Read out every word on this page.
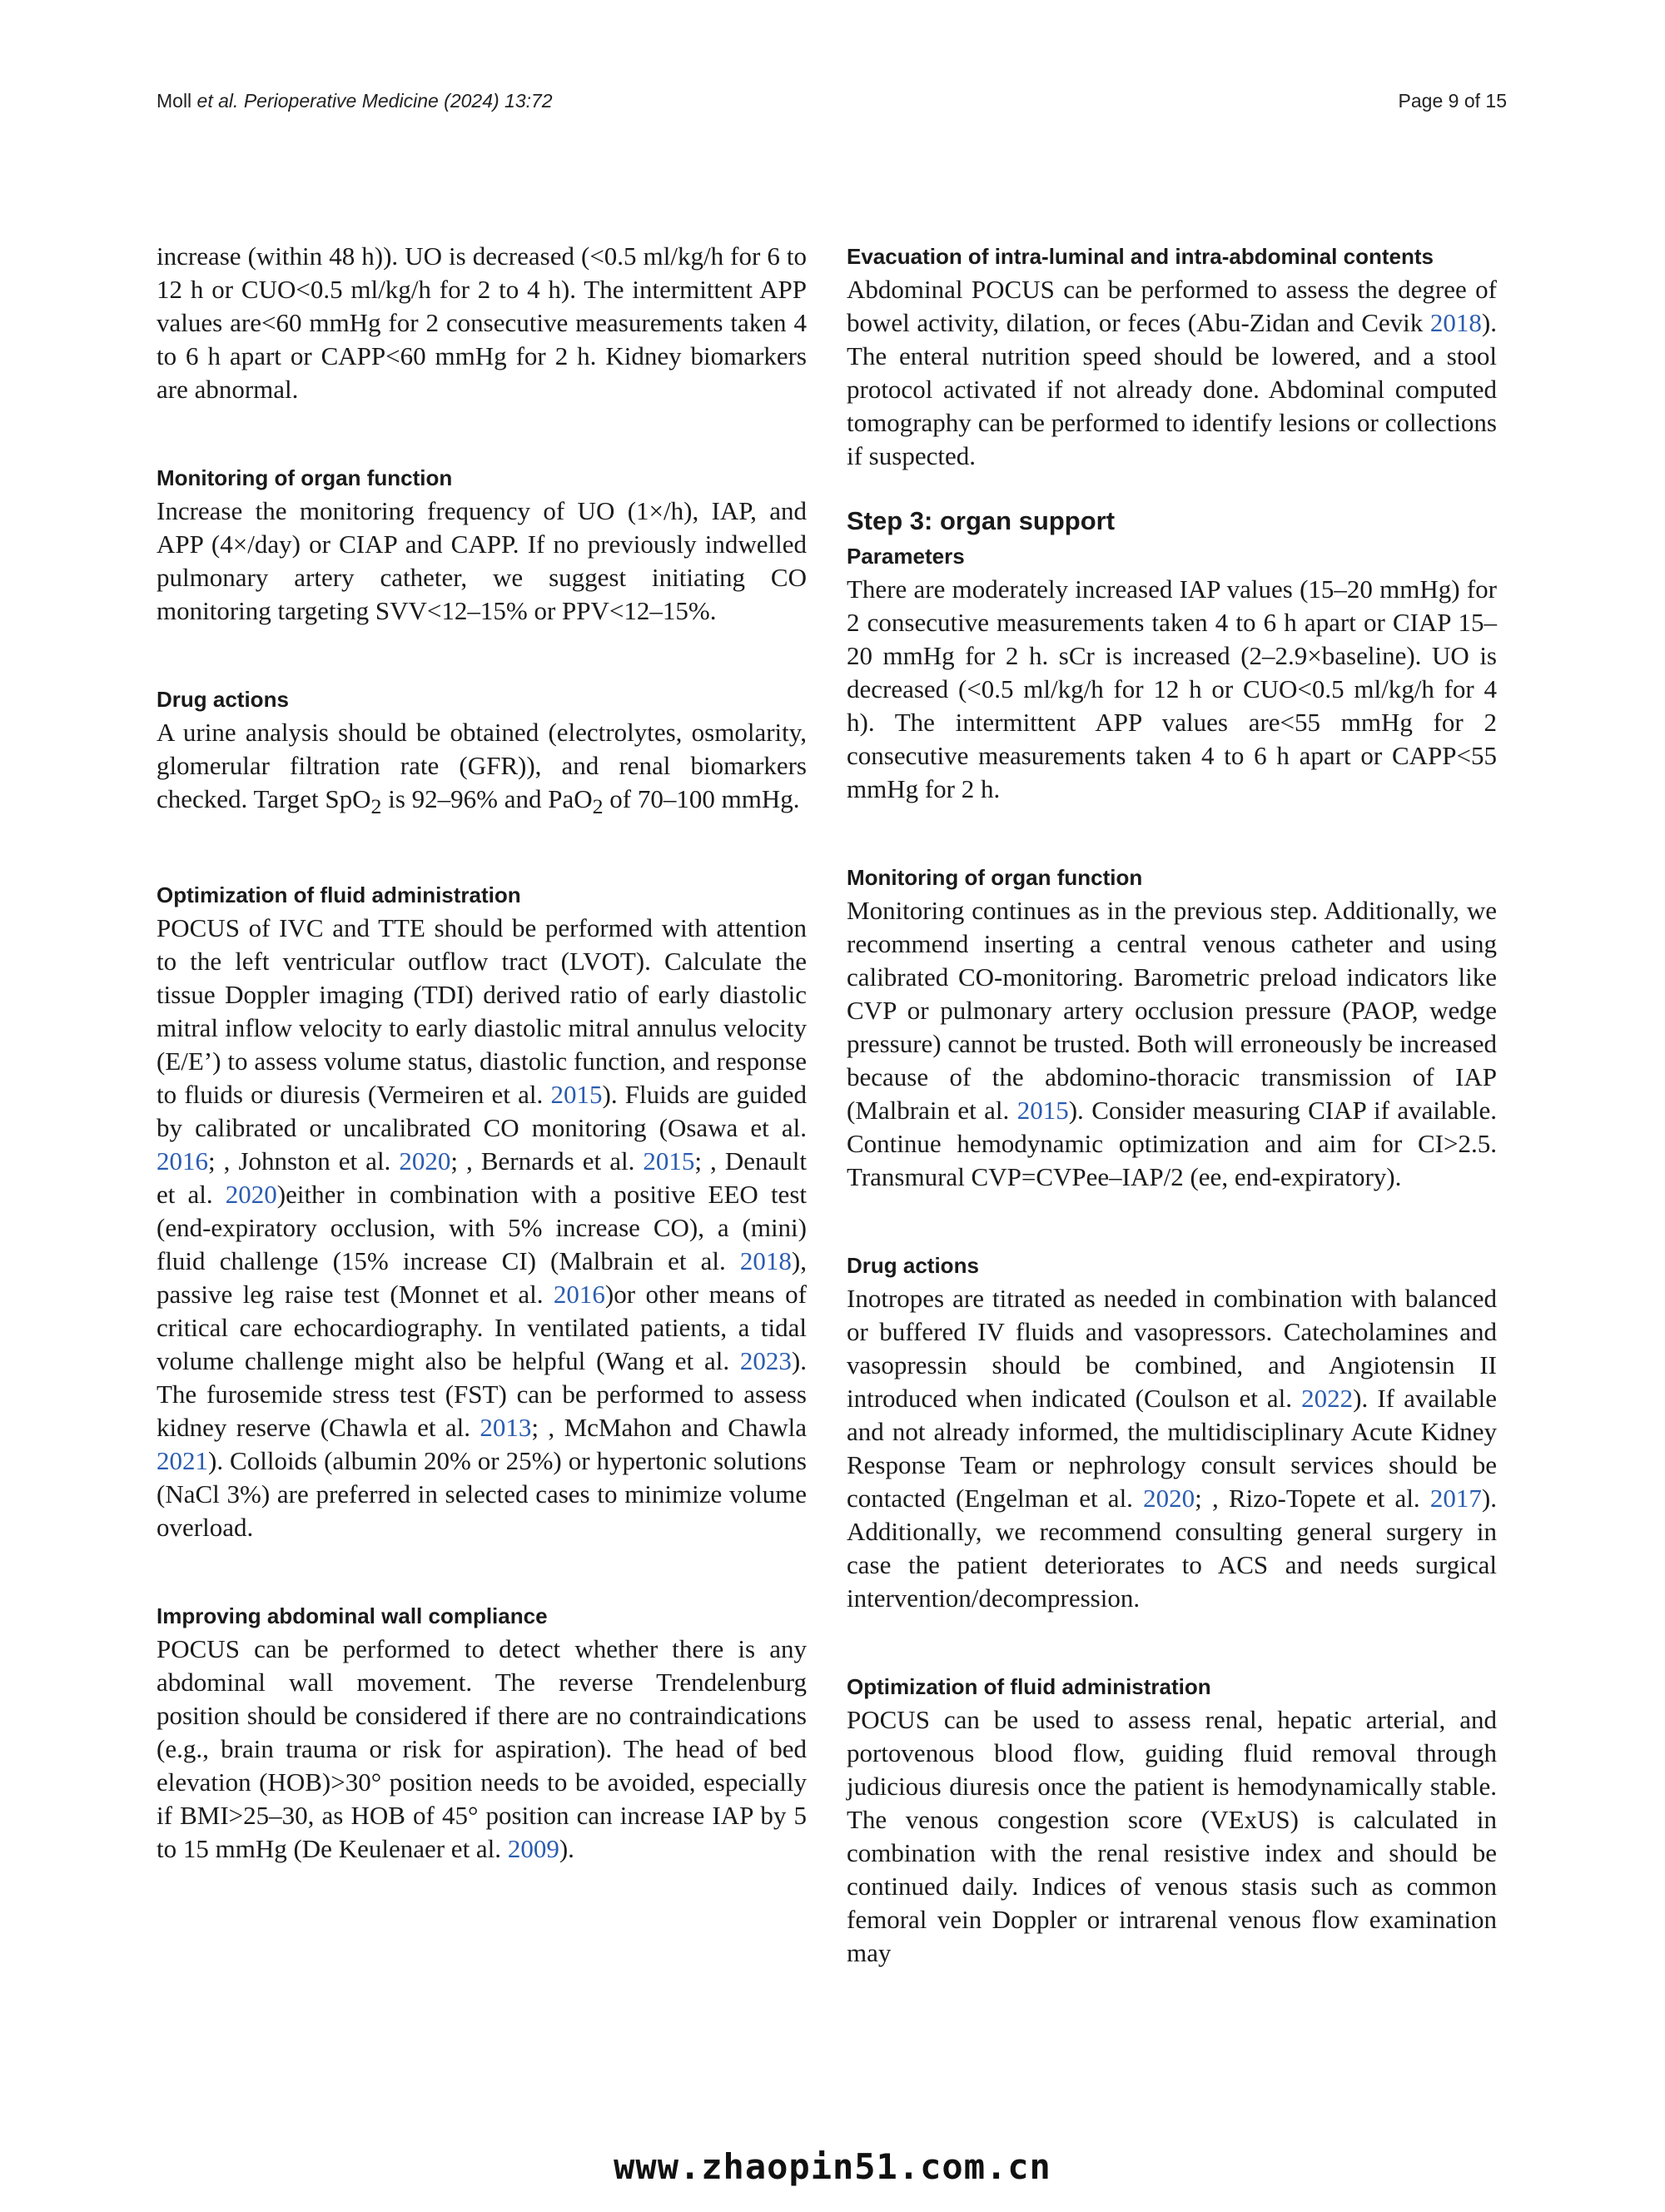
Moll et al. Perioperative Medicine (2024) 13:72	Page 9 of 15

increase (within 48 h)). UO is decreased (<0.5 ml/kg/h for 6 to 12 h or CUO<0.5 ml/kg/h for 2 to 4 h). The intermittent APP values are<60 mmHg for 2 consecutive measurements taken 4 to 6 h apart or CAPP<60 mmHg for 2 h. Kidney biomarkers are abnormal.

Monitoring of organ function

Increase the monitoring frequency of UO (1×/h), IAP, and APP (4×/day) or CIAP and CAPP. If no previously indwelled pulmonary artery catheter, we suggest initiating CO monitoring targeting SVV<12–15% or PPV<12–15%.

Drug actions

A urine analysis should be obtained (electrolytes, osmolarity, glomerular filtration rate (GFR)), and renal biomarkers checked. Target SpO$_2$ is 92–96% and PaO$_2$ of 70–100 mmHg.

Optimization of fluid administration

POCUS of IVC and TTE should be performed with attention to the left ventricular outflow tract (LVOT). Calculate the tissue Doppler imaging (TDI) derived ratio of early diastolic mitral inflow velocity to early diastolic mitral annulus velocity (E/E’) to assess volume status, diastolic function, and response to fluids or diuresis (Vermeiren et al. 2015). Fluids are guided by calibrated or uncalibrated CO monitoring (Osawa et al. 2016; , Johnston et al. 2020; , Bernards et al. 2015; , Denault et al. 2020)either in combination with a positive EEO test (end-expiratory occlusion, with 5% increase CO), a (mini) fluid challenge (15% increase CI) (Malbrain et al. 2018), passive leg raise test (Monnet et al. 2016)or other means of critical care echocardiography. In ventilated patients, a tidal volume challenge might also be helpful (Wang et al. 2023). The furosemide stress test (FST) can be performed to assess kidney reserve (Chawla et al. 2013; , McMahon and Chawla 2021). Colloids (albumin 20% or 25%) or hypertonic solutions (NaCl 3%) are preferred in selected cases to minimize volume overload.

Improving abdominal wall compliance

POCUS can be performed to detect whether there is any abdominal wall movement. The reverse Trendelenburg position should be considered if there are no contraindications (e.g., brain trauma or risk for aspiration). The head of bed elevation (HOB)>30° position needs to be avoided, especially if BMI>25–30, as HOB of 45° position can increase IAP by 5 to 15 mmHg (De Keulenaer et al. 2009).

Evacuation of intra-luminal and intra-abdominal contents

Abdominal POCUS can be performed to assess the degree of bowel activity, dilation, or feces (Abu-Zidan and Cevik 2018). The enteral nutrition speed should be lowered, and a stool protocol activated if not already done. Abdominal computed tomography can be performed to identify lesions or collections if suspected.

Step 3: organ support
Parameters

There are moderately increased IAP values (15–20 mmHg) for 2 consecutive measurements taken 4 to 6 h apart or CIAP 15–20 mmHg for 2 h. sCr is increased (2–2.9×baseline). UO is decreased (<0.5 ml/kg/h for 12 h or CUO<0.5 ml/kg/h for 4 h). The intermittent APP values are<55 mmHg for 2 consecutive measurements taken 4 to 6 h apart or CAPP<55 mmHg for 2 h.

Monitoring of organ function

Monitoring continues as in the previous step. Additionally, we recommend inserting a central venous catheter and using calibrated CO-monitoring. Barometric preload indicators like CVP or pulmonary artery occlusion pressure (PAOP, wedge pressure) cannot be trusted. Both will erroneously be increased because of the abdomino-thoracic transmission of IAP (Malbrain et al. 2015). Consider measuring CIAP if available. Continue hemodynamic optimization and aim for CI>2.5. Transmural CVP=CVPee–IAP/2 (ee, end-expiratory).

Drug actions

Inotropes are titrated as needed in combination with balanced or buffered IV fluids and vasopressors. Catecholamines and vasopressin should be combined, and Angiotensin II introduced when indicated (Coulson et al. 2022). If available and not already informed, the multidisciplinary Acute Kidney Response Team or nephrology consult services should be contacted (Engelman et al. 2020; , Rizo-Topete et al. 2017). Additionally, we recommend consulting general surgery in case the patient deteriorates to ACS and needs surgical intervention/decompression.

Optimization of fluid administration

POCUS can be used to assess renal, hepatic arterial, and portovenous blood flow, guiding fluid removal through judicious diuresis once the patient is hemodynamically stable. The venous congestion score (VExUS) is calculated in combination with the renal resistive index and should be continued daily. Indices of venous stasis such as common femoral vein Doppler or intrarenal venous flow examination may

www.zhaopin51.com.cn
